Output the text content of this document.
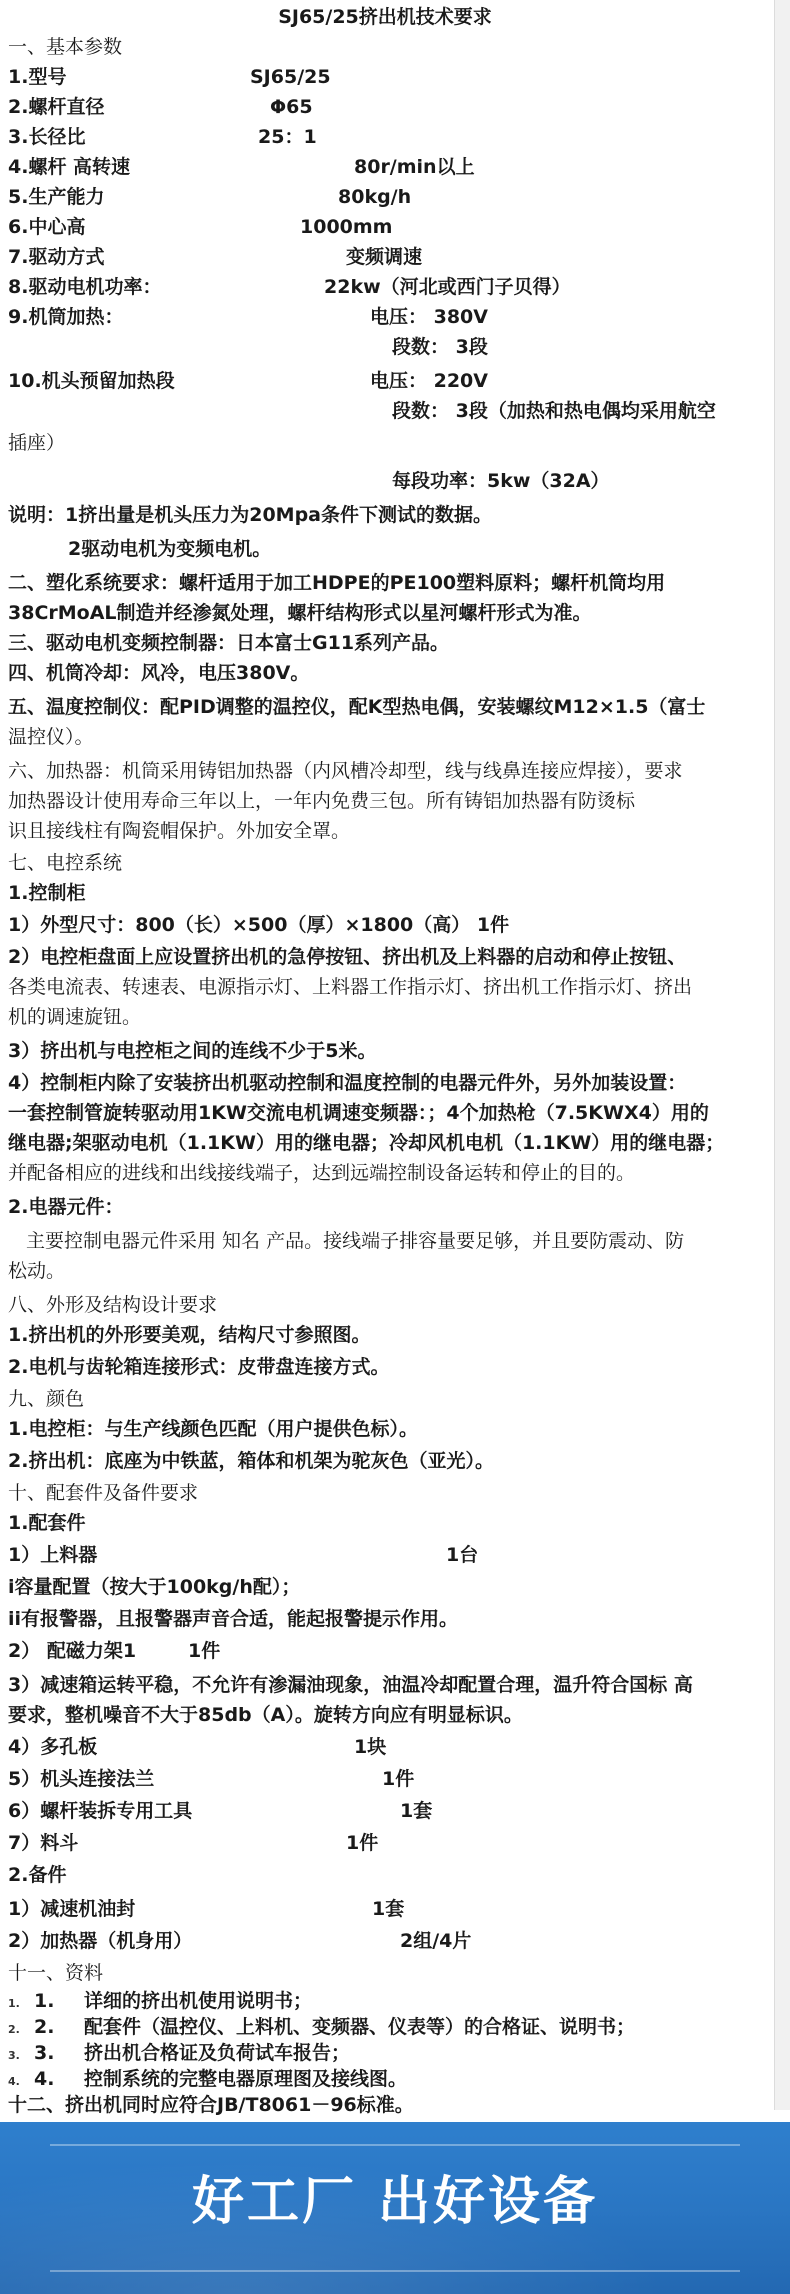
SJ65/25挤出机技术要求
一、基本参数
1.型号	SJ65/25
2.螺杆直径	Φ65
3.长径比	25：1
4.螺杆 高转速	80r/min以上
5.生产能力	80kg/h
6.中心高	1000mm
7.驱动方式	变频调速
8.驱动电机功率：	22kw（河北或西门子贝得）
9.机筒加热：	电压： 380V
段数： 3段
10.机头预留加热段	电压： 220V
段数： 3段（加热和热电偶均采用航空
插座）
每段功率：5kw（32A）
说明：1挤出量是机头压力为20Mpa条件下测试的数据。
2驱动电机为变频电机。
二、塑化系统要求：螺杆适用于加工HDPE的PE100塑料原料；螺杆机筒均用
38CrMoAL制造并经渗氮处理，螺杆结构形式以星河螺杆形式为准。
三、驱动电机变频控制器：日本富士G11系列产品。
四、机筒冷却：风冷，电压380V。
五、温度控制仪：配PID调整的温控仪，配K型热电偶，安装螺纹M12×1.5（富士
温控仪）。
六、加热器：机筒采用铸铝加热器（内风槽冷却型，线与线鼻连接应焊接），要求
加热器设计使用寿命三年以上，一年内免费三包。所有铸铝加热器有防烫标
识且接线柱有陶瓷帽保护。外加安全罩。
七、电控系统
1.控制柜
1）外型尺寸：800（长）×500（厚）×1800（高） 1件
2）电控柜盘面上应设置挤出机的急停按钮、挤出机及上料器的启动和停止按钮、
各类电流表、转速表、电源指示灯、上料器工作指示灯、挤出机工作指示灯、挤出
机的调速旋钮。
3）挤出机与电控柜之间的连线不少于5米。
4）控制柜内除了安装挤出机驱动控制和温度控制的电器元件外，另外加装设置：
一套控制管旋转驱动用1KW交流电机调速变频器：；4个加热枪（7.5KWX4）用的
继电器;架驱动电机（1.1KW）用的继电器；冷却风机电机（1.1KW）用的继电器；
并配备相应的进线和出线接线端子，达到远端控制设备运转和停止的目的。
2.电器元件：
主要控制电器元件采用 知名 产品。接线端子排容量要足够，并且要防震动、防
松动。
八、外形及结构设计要求
1.挤出机的外形要美观，结构尺寸参照图。
2.电机与齿轮箱连接形式：皮带盘连接方式。
九、颜色
1.电控柜：与生产线颜色匹配（用户提供色标）。
2.挤出机：底座为中铁蓝，箱体和机架为驼灰色（亚光）。
十、配套件及备件要求
1.配套件
1）上料器	1台
i容量配置（按大于100kg/h配）；
ii有报警器，且报警器声音合适，能起报警提示作用。
2） 配磁力架1	1件
3）减速箱运转平稳，不允许有渗漏油现象，油温冷却配置合理，温升符合国标 高
要求，整机噪音不大于85db（A）。旋转方向应有明显标识。
4）多孔板	1块
5）机头连接法兰	1件
6）螺杆装拆专用工具	1套
7）料斗	1件
2.备件
1）减速机油封	1套
2）加热器（机身用）	2组/4片
十一、资料
1. 1. 详细的挤出机使用说明书；
2. 2. 配套件（温控仪、上料机、变频器、仪表等）的合格证、说明书；
3. 3. 挤出机合格证及负荷试车报告；
4. 4. 控制系统的完整电器原理图及接线图。
十二、挤出机同时应符合JB/T8061－96标准。
好工厂 出好设备
